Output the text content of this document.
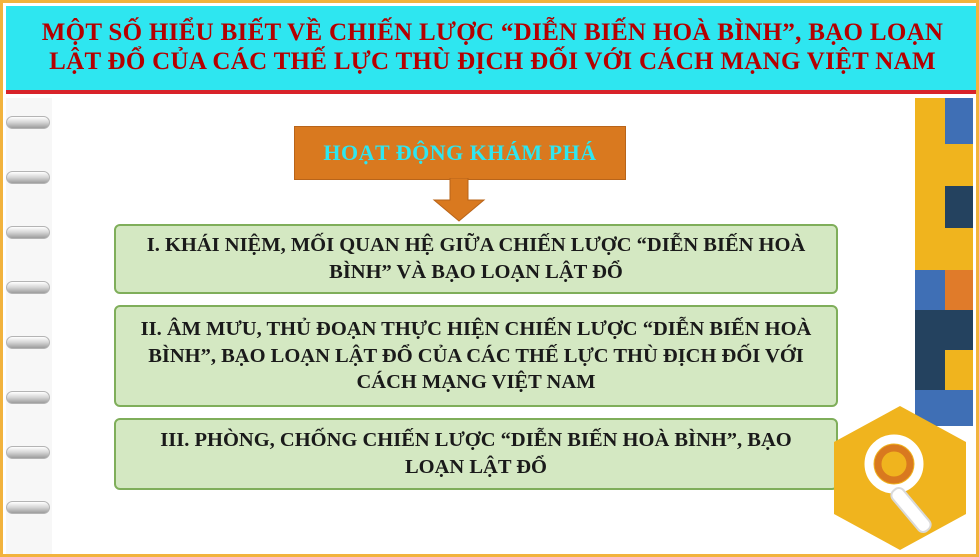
MỘT SỐ HIỂU BIẾT VỀ CHIẾN LƯỢC “DIỄN BIẾN HOÀ BÌNH”, BẠO LOẠN
LẬT ĐỔ CỦA CÁC THẾ LỰC THÙ ĐỊCH ĐỐI VỚI CÁCH MẠNG VIỆT NAM
HOẠT ĐỘNG KHÁM PHÁ
I. KHÁI NIỆM, MỐI QUAN HỆ GIỮA CHIẾN LƯỢC “DIỄN BIẾN HOÀ BÌNH” VÀ BẠO LOẠN LẬT ĐỔ
II. ÂM MƯU, THỦ ĐOẠN THỰC HIỆN CHIẾN LƯỢC “DIỄN BIẾN HOÀ BÌNH”, BẠO LOẠN LẬT ĐỔ CỦA CÁC THẾ LỰC THÙ ĐỊCH ĐỐI VỚI CÁCH MẠNG VIỆT NAM
III. PHÒNG, CHỐNG CHIẾN LƯỢC “DIỄN BIẾN HOÀ BÌNH”, BẠO LOẠN LẬT ĐỔ
